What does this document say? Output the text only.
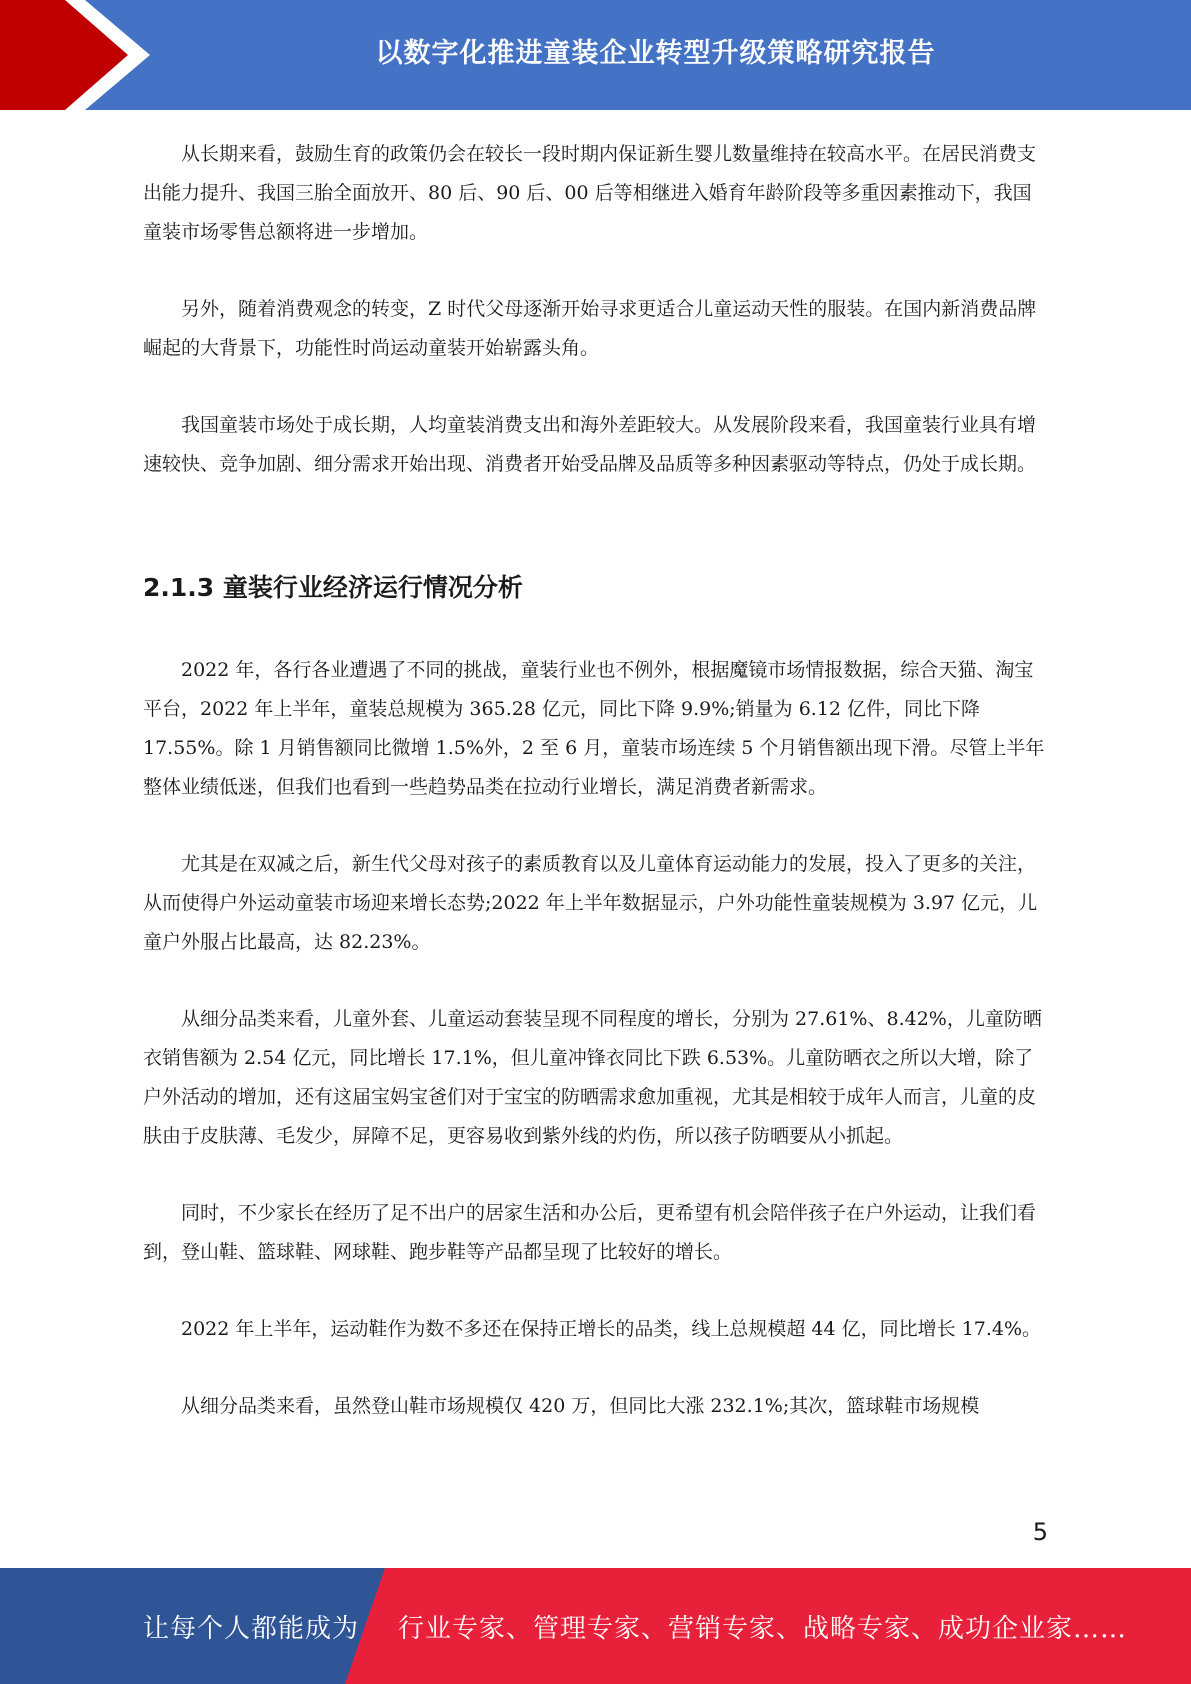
以数字化推进童装企业转型升级策略研究报告

从长期来看，鼓励生育的政策仍会在较长一段时期内保证新生婴儿数量维持在较高水平。在居民消费支出能力提升、我国三胎全面放开、80 后、90 后、00 后等相继进入婚育年龄阶段等多重因素推动下，我国童装市场零售总额将进一步增加。

另外，随着消费观念的转变，Z 时代父母逐渐开始寻求更适合儿童运动天性的服装。在国内新消费品牌崛起的大背景下，功能性时尚运动童装开始崭露头角。

我国童装市场处于成长期，人均童装消费支出和海外差距较大。从发展阶段来看，我国童装行业具有增速较快、竞争加剧、细分需求开始出现、消费者开始受品牌及品质等多种因素驱动等特点，仍处于成长期。

2.1.3 童装行业经济运行情况分析

2022 年，各行各业遭遇了不同的挑战，童装行业也不例外，根据魔镜市场情报数据，综合天猫、淘宝平台，2022 年上半年，童装总规模为 365.28 亿元，同比下降 9.9%;销量为 6.12 亿件，同比下降 17.55%。除 1 月销售额同比微增 1.5%外，2 至 6 月，童装市场连续 5 个月销售额出现下滑。尽管上半年整体业绩低迷，但我们也看到一些趋势品类在拉动行业增长，满足消费者新需求。

尤其是在双减之后，新生代父母对孩子的素质教育以及儿童体育运动能力的发展，投入了更多的关注，从而使得户外运动童装市场迎来增长态势;2022 年上半年数据显示，户外功能性童装规模为 3.97 亿元，儿童户外服占比最高，达 82.23%。

从细分品类来看，儿童外套、儿童运动套装呈现不同程度的增长，分别为 27.61%、8.42%，儿童防晒衣销售额为 2.54 亿元，同比增长 17.1%，但儿童冲锋衣同比下跌 6.53%。儿童防晒衣之所以大增，除了户外活动的增加，还有这届宝妈宝爸们对于宝宝的防晒需求愈加重视，尤其是相较于成年人而言，儿童的皮肤由于皮肤薄、毛发少，屏障不足，更容易收到紫外线的灼伤，所以孩子防晒要从小抓起。

同时，不少家长在经历了足不出户的居家生活和办公后，更希望有机会陪伴孩子在户外运动，让我们看到，登山鞋、篮球鞋、网球鞋、跑步鞋等产品都呈现了比较好的增长。

2022 年上半年，运动鞋作为数不多还在保持正增长的品类，线上总规模超 44 亿，同比增长 17.4%。

从细分品类来看，虽然登山鞋市场规模仅 420 万，但同比大涨 232.1%;其次，篮球鞋市场规模

5
让每个人都能成为 行业专家、管理专家、营销专家、战略专家、成功企业家……
